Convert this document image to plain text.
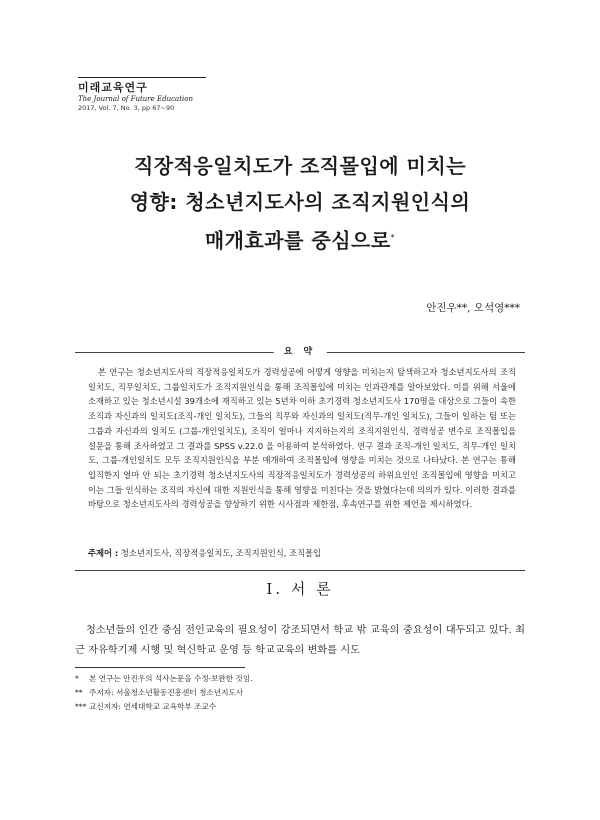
미래교육연구
The Journal of Future Education
2017, Vol. 7, No. 3, pp 67~90
직장적응일치도가 조직몰입에 미치는
영향: 청소년지도사의 조직지원인식의
매개효과를 중심으로*
안진우**, 오석영***
요 약

본 연구는 청소년지도사의 직장적응일치도가 경력성공에 어떻게 영향을 미치는지 탐색하고자 청소년지도사의 조직일치도, 직무일치도, 그룹일치도가 조직지원인식을 통해 조직몰입에 미치는 인과관계를 알아보았다. 이를 위해 서울에 소재하고 있는 청소년시설 39개소에 재직하고 있는 5년차 이하 초기경력 청소년지도사 170명을 대상으로 그들이 속한 조직과 자신과의 일치도(조직-개인 일치도), 그들의 직무와 자신과의 일치도(직무-개인 일치도), 그들이 일하는 팀 또는 그룹과 자신과의 일치도 (그룹-개인일치도), 조직이 얼마나 지지하는지의 조직지원인식, 경력성공 변수로 조직몰입을 설문을 통해 조사하였고 그 결과를 SPSS v.22.0 을 이용하여 분석하였다. 연구 결과 조직-개인 일치도, 직무-개인 일치도, 그룹-개인일치도 모두 조직지원인식을 부분 매개하여 조직몰입에 영향을 미치는 것으로 나타났다. 본 연구는 통해 입직한지 얼마 안 되는 초기경력 청소년지도사의 직장적응일치도가 경력성공의 하위요인인 조직몰입에 영향을 미치고 이는 그들 인식하는 조직의 자신에 대한 지원인식을 통해 영향을 미친다는 것을 밝혔다는데 의의가 있다. 이러한 결과를 바탕으로 청소년지도사의 경력성공을 향상하기 위한 시사점과 제한점, 후속연구를 위한 제언을 제시하였다.

주제어 : 청소년지도사, 직장적응일치도, 조직지원인식, 조직몰입
Ⅰ. 서 론

청소년들의 인간 중심 전인교육의 필요성이 강조되면서 학교 밖 교육의 중요성이 대두되고 있다. 최근 자유학기제 시행 및 혁신학교 운영 등 학교교육의 변화를 시도

* 본 연구는 안진우의 석사논문을 수정·보완한 것임.
** 주저자: 서울청소년활동진흥센터 청소년지도사
*** 교신저자: 연세대학교 교육학부 조교수
